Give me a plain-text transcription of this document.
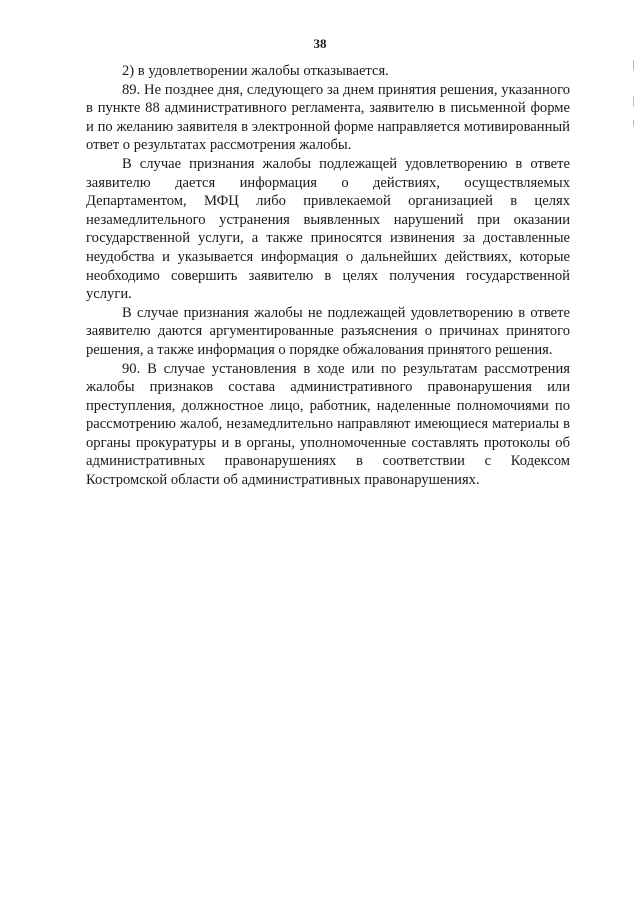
38

2) в удовлетворении жалобы отказывается.

89. Не позднее дня, следующего за днем принятия решения, указанного в пункте 88 административного регламента, заявителю в письменной форме и по желанию заявителя в электронной форме направляется мотивированный ответ о результатах рассмотрения жалобы.

В случае признания жалобы подлежащей удовлетворению в ответе заявителю дается информация о действиях, осуществляемых Департаментом, МФЦ либо привлекаемой организацией в целях незамедлительного устранения выявленных нарушений при оказании государственной услуги, а также приносятся извинения за доставленные неудобства и указывается информация о дальнейших действиях, которые необходимо совершить заявителю в целях получения государственной услуги.

В случае признания жалобы не подлежащей удовлетворению в ответе заявителю даются аргументированные разъяснения о причинах принятого решения, а также информация о порядке обжалования принятого решения.

90. В случае установления в ходе или по результатам рассмотрения жалобы признаков состава административного правонарушения или преступления, должностное лицо, работник, наделенные полномочиями по рассмотрению жалоб, незамедлительно направляют имеющиеся материалы в органы прокуратуры и в органы, уполномоченные составлять протоколы об административных правонарушениях в соответствии с Кодексом Костромской области об административных правонарушениях.
